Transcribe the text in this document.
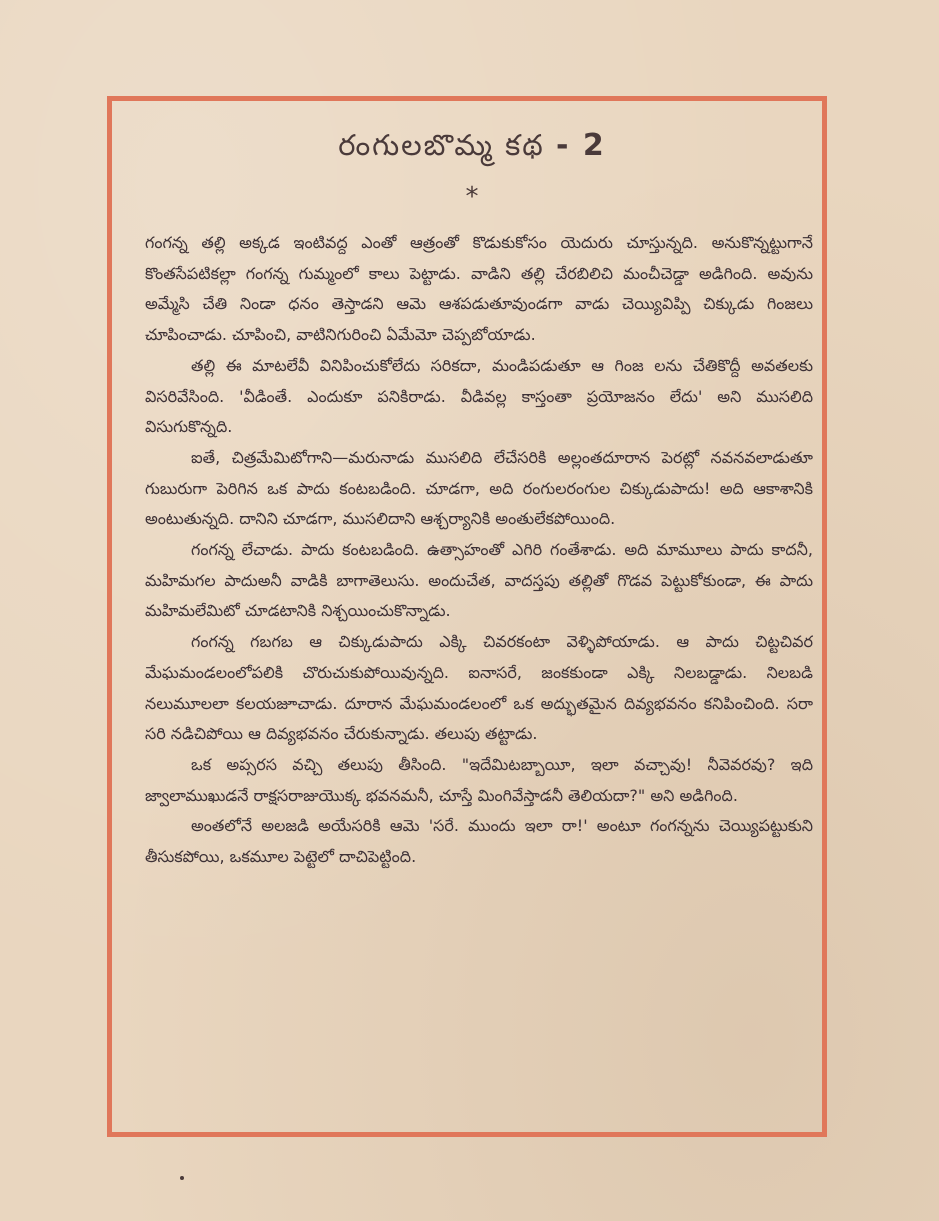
రంగులబొమ్మ కథ - 2
*

గంగన్న తల్లి అక్కడ ఇంటివద్ద ఎంతో ఆత్రంతో కొడుకుకోసం యెదురు చూస్తున్నది. అనుకొన్నట్టుగానే కొంతసేపటికల్లా గంగన్న గుమ్మంలో కాలు పెట్టాడు. వాడిని తల్లి చేరబిలిచి మంచీచెడ్డా అడిగింది. అవును అమ్మేసి చేతి నిండా ధనం తెస్తాడని ఆమె ఆశపడుతూవుండగా వాడు చెయ్యివిప్పి చిక్కుడు గింజలు చూపించాడు. చూపించి, వాటినిగురించి ఏమేమో చెప్పబోయాడు.

తల్లి ఈ మాటలేవీ వినిపించుకోలేదు సరికదా, మండిపడుతూ ఆ గింజ లను చేతికొద్దీ అవతలకు విసరివేసింది. 'వీడింతే. ఎందుకూ పనికిరాడు. వీడివల్ల కాస్తంతా ప్రయోజనం లేదు' అని ముసలిది విసుగుకొన్నది.

ఐతే, చిత్రమేమిటోగాని—మరునాడు ముసలిది లేచేసరికి అల్లంతదూరాన పెరట్లో నవనవలాడుతూ గుబురుగా పెరిగిన ఒక పాదు కంటబడింది. చూడగా, అది రంగులరంగుల చిక్కుడుపాదు! అది ఆకాశానికి అంటుతున్నది. దానిని చూడగా, ముసలిదాని ఆశ్చర్యానికి అంతులేకపోయింది.

గంగన్న లేచాడు. పాదు కంటబడింది. ఉత్సాహంతో ఎగిరి గంతేశాడు. అది మామూలు పాదు కాదనీ, మహిమగల పాదుఅనీ వాడికి బాగాతెలుసు. అందుచేత, వాదస్తపు తల్లితో గొడవ పెట్టుకోకుండా, ఈ పాదు మహిమలేమిటో చూడటానికి నిశ్చయించుకొన్నాడు.

గంగన్న గబగబ ఆ చిక్కుడుపాదు ఎక్కి చివరకంటా వెళ్ళిపోయాడు. ఆ పాదు చిట్టచివర మేఘమండలంలోపలికి చొరుచుకుపోయివున్నది. ఐనాసరే, జంకకుండా ఎక్కి నిలబడ్డాడు. నిలబడి నలుమూలలా కలయజూచాడు. దూరాన మేఘమండలంలో ఒక అద్భుతమైన దివ్యభవనం కనిపించింది. సరా సరి నడిచిపోయి ఆ దివ్యభవనం చేరుకున్నాడు. తలుపు తట్టాడు.

ఒక అప్సరస వచ్చి తలుపు తీసింది. "ఇదేమిటబ్బాయీ, ఇలా వచ్చావు! నీవెవరవు? ఇది జ్వాలాముఖుడనే రాక్షసరాజుయొక్క భవనమనీ, చూస్తే మింగివేస్తాడనీ తెలియదా?" అని అడిగింది.

అంతలోనే అలజడి అయేసరికి ఆమె 'సరే. ముందు ఇలా రా!' అంటూ గంగన్నను చెయ్యిపట్టుకుని తీసుకపోయి, ఒకమూల పెట్టెలో దాచిపెట్టింది.
